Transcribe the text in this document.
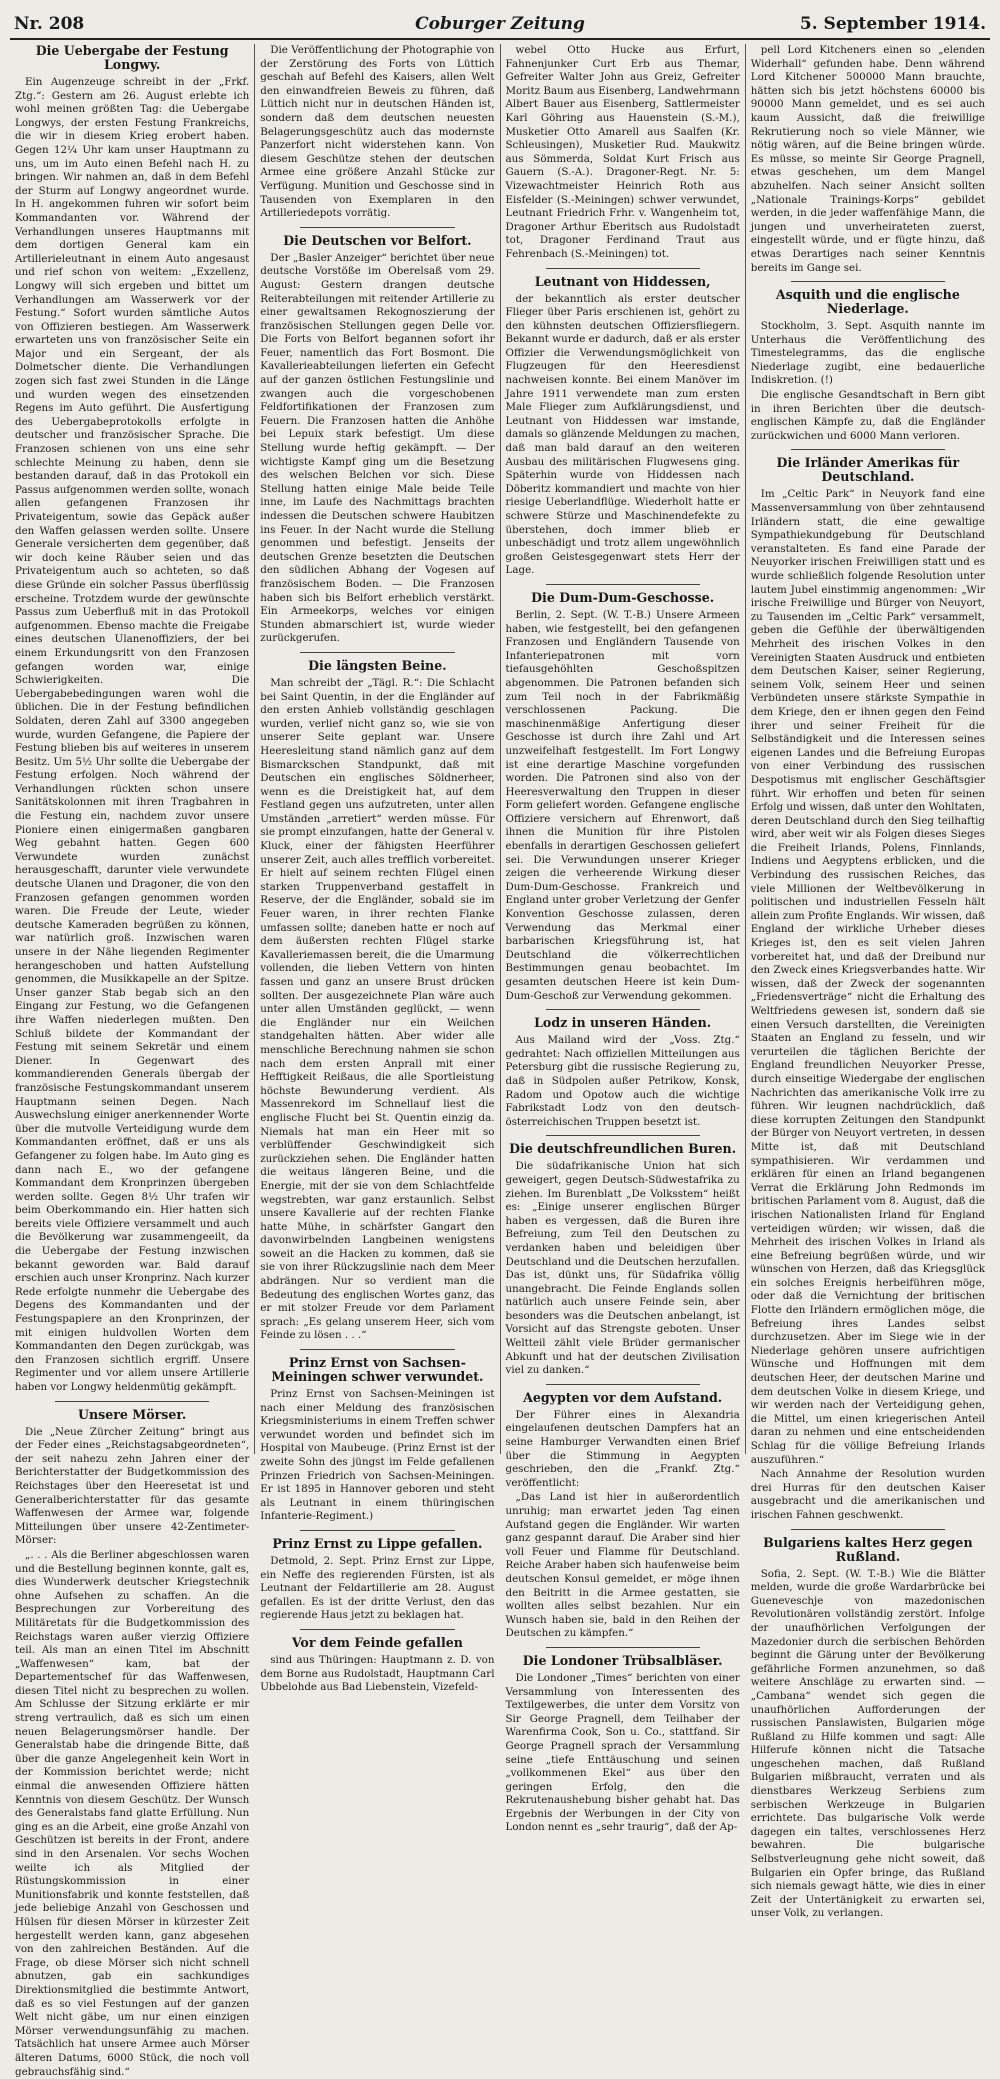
Nr. 208	Coburger Zeitung	5. September 1914.
Die Uebergabe der Festung Longwy.

Ein Augenzeuge schreibt in der „Frkf. Ztg.“: Gestern am 26. August erlebte ich wohl meinen größten Tag: die Uebergabe Longwys, der ersten Festung Frankreichs, die wir in diesem Krieg erobert haben. Gegen 12¼ Uhr kam unser Hauptmann zu uns, um im Auto einen Befehl nach H. zu bringen. Wir nahmen an, daß in dem Befehl der Sturm auf Longwy angeordnet wurde. In H. angekommen fuhren wir sofort beim Kommandanten vor. Während der Verhandlungen unseres Hauptmanns mit dem dortigen General kam ein Artillerieleutnant in einem Auto angesaust und rief schon von weitem: „Exzellenz, Longwy will sich ergeben und bittet um Verhandlungen am Wasserwerk vor der Festung.“ Sofort wurden sämtliche Autos von Offizieren bestiegen. Am Wasserwerk erwarteten uns von französischer Seite ein Major und ein Sergeant, der als Dolmetscher diente. Die Verhandlungen zogen sich fast zwei Stunden in die Länge und wurden wegen des einsetzenden Regens im Auto geführt. Die Ausfertigung des Uebergabeprotokolls erfolgte in deutscher und französischer Sprache. Die Franzosen schienen von uns eine sehr schlechte Meinung zu haben, denn sie bestanden darauf, daß in das Protokoll ein Passus aufgenommen werden sollte, wonach allen gefangenen Franzosen ihr Privateigentum, sowie das Gepäck außer den Waffen gelassen werden sollte. Unsere Generale versicherten dem gegenüber, daß wir doch keine Räuber seien und das Privateigentum auch so achteten, so daß diese Gründe ein solcher Passus überflüssig erscheine. Trotzdem wurde der gewünschte Passus zum Ueberfluß mit in das Protokoll aufgenommen. Ebenso machte die Freigabe eines deutschen Ulanenoffiziers, der bei einem Erkundungsritt von den Franzosen gefangen worden war, einige Schwierigkeiten. Die Uebergabebedingungen waren wohl die üblichen. Die in der Festung befindlichen Soldaten, deren Zahl auf 3300 angegeben wurde, wurden Gefangene, die Papiere der Festung blieben bis auf weiteres in unserem Besitz. Um 5½ Uhr sollte die Uebergabe der Festung erfolgen. Noch während der Verhandlungen rückten schon unsere Sanitätskolonnen mit ihren Tragbahren in die Festung ein, nachdem zuvor unsere Pioniere einen einigermaßen gangbaren Weg gebahnt hatten. Gegen 600 Verwundete wurden zunächst herausgeschafft, darunter viele verwundete deutsche Ulanen und Dragoner, die von den Franzosen gefangen genommen worden waren. Die Freude der Leute, wieder deutsche Kameraden begrüßen zu können, war natürlich groß. Inzwischen waren unsere in der Nähe liegenden Regimenter herangeschoben und hatten Aufstellung genommen, die Musikkapelle an der Spitze. Unser ganzer Stab begab sich an den Eingang zur Festung, wo die Gefangenen ihre Waffen niederlegen mußten. Den Schluß bildete der Kommandant der Festung mit seinem Sekretär und einem Diener. In Gegenwart des kommandierenden Generals übergab der französische Festungskommandant unserem Hauptmann seinen Degen. Nach Auswechslung einiger anerkennender Worte über die mutvolle Verteidigung wurde dem Kommandanten eröffnet, daß er uns als Gefangener zu folgen habe. Im Auto ging es dann nach E., wo der gefangene Kommandant dem Kronprinzen übergeben werden sollte. Gegen 8½ Uhr trafen wir beim Oberkommando ein. Hier hatten sich bereits viele Offiziere versammelt und auch die Bevölkerung war zusammengeeilt, da die Uebergabe der Festung inzwischen bekannt geworden war. Bald darauf erschien auch unser Kronprinz. Nach kurzer Rede erfolgte nunmehr die Uebergabe des Degens des Kommandanten und der Festungspapiere an den Kronprinzen, der mit einigen huldvollen Worten dem Kommandanten den Degen zurückgab, was den Franzosen sichtlich ergriff. Unsere Regimenter und vor allem unsere Artillerie haben vor Longwy heldenmütig gekämpft.

Unsere Mörser.

Die „Neue Zürcher Zeitung“ bringt aus der Feder eines „Reichstagsabgeordneten“, der seit nahezu zehn Jahren einer der Berichterstatter der Budgetkommission des Reichstages über den Heeresetat ist und Generalberichterstatter für das gesamte Waffenwesen der Armee war, folgende Mitteilungen über unsere 42-Zentimeter-Mörser:

„. . . Als die Berliner abgeschlossen waren und die Bestellung beginnen konnte, galt es, dies Wunderwerk deutscher Kriegstechnik ohne Aufsehen zu schaffen. An die Besprechungen zur Vorbereitung des Militäretats für die Budgetkommission des Reichstags waren außer vierzig Offiziere teil. Als man an einen Titel im Abschnitt „Waffenwesen“ kam, bat der Departementschef für das Waffenwesen, diesen Titel nicht zu besprechen zu wollen. Am Schlusse der Sitzung erklärte er mir streng vertraulich, daß es sich um einen neuen Belagerungsmörser handle. Der Generalstab habe die dringende Bitte, daß über die ganze Angelegenheit kein Wort in der Kommission berichtet werde; nicht einmal die anwesenden Offiziere hätten Kenntnis von diesem Geschütz. Der Wunsch des Generalstabs fand glatte Erfüllung. Nun ging es an die Arbeit, eine große Anzahl von Geschützen ist bereits in der Front, andere sind in den Arsenalen. Vor sechs Wochen weilte ich als Mitglied der Rüstungskommission in einer Munitionsfabrik und konnte feststellen, daß jede beliebige Anzahl von Geschossen und Hülsen für diesen Mörser in kürzester Zeit hergestellt werden kann, ganz abgesehen von den zahlreichen Beständen. Auf die Frage, ob diese Mörser sich nicht schnell abnutzen, gab ein sachkundiges Direktionsmitglied die bestimmte Antwort, daß es so viel Festungen auf der ganzen Welt nicht gäbe, um nur einen einzigen Mörser verwendungsunfähig zu machen. Tatsächlich hat unsere Armee auch Mörser älteren Datums, 6000 Stück, die noch voll gebrauchsfähig sind.“

Die Veröffentlichung der Photographie von der Zerstörung des Forts von Lüttich geschah auf Befehl des Kaisers, allen Welt den einwandfreien Beweis zu führen, daß Lüttich nicht nur in deutschen Händen ist, sondern daß dem deutschen neuesten Belagerungsgeschütz auch das modernste Panzerfort nicht widerstehen kann. Von diesem Geschütze stehen der deutschen Armee eine größere Anzahl Stücke zur Verfügung. Munition und Geschosse sind in Tausenden von Exemplaren in den Artilleriedepots vorrätig.

Die Deutschen vor Belfort.

Der „Basler Anzeiger“ berichtet über neue deutsche Vorstöße im Oberelsaß vom 29. August: Gestern drangen deutsche Reiterabteilungen mit reitender Artillerie zu einer gewaltsamen Rekognoszierung der französischen Stellungen gegen Delle vor. Die Forts von Belfort begannen sofort ihr Feuer, namentlich das Fort Bosmont. Die Kavallerieabteilungen lieferten ein Gefecht auf der ganzen östlichen Festungslinie und zwangen auch die vorgeschobenen Feldfortifikationen der Franzosen zum Feuern. Die Franzosen hatten die Anhöhe bei Lepuix stark befestigt. Um diese Stellung wurde heftig gekämpft. — Der wichtigste Kampf ging um die Besetzung des welschen Belchen vor sich. Diese Stellung hatten einige Male beide Teile inne, im Laufe des Nachmittags brachten indessen die Deutschen schwere Haubitzen ins Feuer. In der Nacht wurde die Stellung genommen und befestigt. Jenseits der deutschen Grenze besetzten die Deutschen den südlichen Abhang der Vogesen auf französischem Boden. — Die Franzosen haben sich bis Belfort erheblich verstärkt. Ein Armeekorps, welches vor einigen Stunden abmarschiert ist, wurde wieder zurückgerufen.

Die längsten Beine.

Man schreibt der „Tägl. R.“: Die Schlacht bei Saint Quentin, in der die Engländer auf den ersten Anhieb vollständig geschlagen wurden, verlief nicht ganz so, wie sie von unserer Seite geplant war. Unsere Heeresleitung stand nämlich ganz auf dem Bismarckschen Standpunkt, daß mit Deutschen ein englisches Söldnerheer, wenn es die Dreistigkeit hat, auf dem Festland gegen uns aufzutreten, unter allen Umständen „arretiert“ werden müsse. Für sie prompt einzufangen, hatte der General v. Kluck, einer der fähigsten Heerführer unserer Zeit, auch alles trefflich vorbereitet. Er hielt auf seinem rechten Flügel einen starken Truppenverband gestaffelt in Reserve, der die Engländer, sobald sie im Feuer waren, in ihrer rechten Flanke umfassen sollte; daneben hatte er noch auf dem äußersten rechten Flügel starke Kavalleriemassen bereit, die die Umarmung vollenden, die lieben Vettern von hinten fassen und ganz an unsere Brust drücken sollten. Der ausgezeichnete Plan wäre auch unter allen Umständen geglückt, — wenn die Engländer nur ein Weilchen standgehalten hätten. Aber wider alle menschliche Berechnung nahmen sie schon nach dem ersten Anprall mit einer Hefftigkeit Reißaus, die alle Sportleistung höchste Bewunderung verdient. Als Massenrekord im Schnellauf liest die englische Flucht bei St. Quentin einzig da. Niemals hat man ein Heer mit so verblüffender Geschwindigkeit sich zurückziehen sehen. Die Engländer hatten die weitaus längeren Beine, und die Energie, mit der sie von dem Schlachtfelde wegstrebten, war ganz erstaunlich. Selbst unsere Kavallerie auf der rechten Flanke hatte Mühe, in schärfster Gangart den davonwirbelnden Langbeinen wenigstens soweit an die Hacken zu kommen, daß sie sie von ihrer Rückzugslinie nach dem Meer abdrängen. Nur so verdient man die Bedeutung des englischen Wortes ganz, das er mit stolzer Freude vor dem Parlament sprach: „Es gelang unserem Heer, sich vom Feinde zu lösen . . .“

Prinz Ernst von Sachsen-Meiningen schwer verwundet.

Prinz Ernst von Sachsen-Meiningen ist nach einer Meldung des französischen Kriegsministeriums in einem Treffen schwer verwundet worden und befindet sich im Hospital von Maubeuge. (Prinz Ernst ist der zweite Sohn des jüngst im Felde gefallenen Prinzen Friedrich von Sachsen-Meiningen. Er ist 1895 in Hannover geboren und steht als Leutnant in einem thüringischen Infanterie-Regiment.)

Prinz Ernst zu Lippe gefallen.

Detmold, 2. Sept. Prinz Ernst zur Lippe, ein Neffe des regierenden Fürsten, ist als Leutnant der Feldartillerie am 28. August gefallen. Es ist der dritte Verlust, den das regierende Haus jetzt zu beklagen hat.

Vor dem Feinde gefallen

sind aus Thüringen: Hauptmann z. D. von dem Borne aus Rudolstadt, Hauptmann Carl Ubbelohde aus Bad Liebenstein, Vizefeld-

webel Otto Hucke aus Erfurt, Fahnenjunker Curt Erb aus Themar, Gefreiter Walter John aus Greiz, Gefreiter Moritz Baum aus Eisenberg, Landwehrmann Albert Bauer aus Eisenberg, Sattlermeister Karl Göhring aus Hauenstein (S.-M.), Musketier Otto Amarell aus Saalfen (Kr. Schleusingen), Musketier Rud. Maukwitz aus Sömmerda, Soldat Kurt Frisch aus Gauern (S.-A.). Dragoner-Regt. Nr. 5: Vizewachtmeister Heinrich Roth aus Eisfelder (S.-Meiningen) schwer verwundet, Leutnant Friedrich Frhr. v. Wangenheim tot, Dragoner Arthur Eberitsch aus Rudolstadt tot, Dragoner Ferdinand Traut aus Fehrenbach (S.-Meiningen) tot.

Leutnant von Hiddessen,

der bekanntlich als erster deutscher Flieger über Paris erschienen ist, gehört zu den kühnsten deutschen Offiziersfliegern. Bekannt wurde er dadurch, daß er als erster Offizier die Verwendungsmöglichkeit von Flugzeugen für den Heeresdienst nachweisen konnte. Bei einem Manöver im Jahre 1911 verwendete man zum ersten Male Flieger zum Aufklärungsdienst, und Leutnant von Hiddessen war imstande, damals so glänzende Meldungen zu machen, daß man bald darauf an den weiteren Ausbau des militärischen Flugwesens ging. Späterhin wurde von Hiddessen nach Döberitz kommandiert und machte von hier riesige Ueberlandflüge. Wiederholt hatte er schwere Stürze und Maschinendefekte zu überstehen, doch immer blieb er unbeschädigt und trotz allem ungewöhnlich großen Geistesgegenwart stets Herr der Lage.

Die Dum-Dum-Geschosse.

Berlin, 2. Sept. (W. T.-B.) Unsere Armeen haben, wie festgestellt, bei den gefangenen Franzosen und Engländern Tausende von Infanteriepatronen mit vorn tiefausgehöhlten Geschoßspitzen abgenommen. Die Patronen befanden sich zum Teil noch in der Fabrikmäßig verschlossenen Packung. Die maschinenmäßige Anfertigung dieser Geschosse ist durch ihre Zahl und Art unzweifelhaft festgestellt. Im Fort Longwy ist eine derartige Maschine vorgefunden worden. Die Patronen sind also von der Heeresverwaltung den Truppen in dieser Form geliefert worden. Gefangene englische Offiziere versichern auf Ehrenwort, daß ihnen die Munition für ihre Pistolen ebenfalls in derartigen Geschossen geliefert sei. Die Verwundungen unserer Krieger zeigen die verheerende Wirkung dieser Dum-Dum-Geschosse. Frankreich und England unter grober Verletzung der Genfer Konvention Geschosse zulassen, deren Verwendung das Merkmal einer barbarischen Kriegsführung ist, hat Deutschland die völkerrechtlichen Bestimmungen genau beobachtet. Im gesamten deutschen Heere ist kein Dum-Dum-Geschoß zur Verwendung gekommen.

Lodz in unseren Händen.

Aus Mailand wird der „Voss. Ztg.“ gedrahtet: Nach offiziellen Mitteilungen aus Petersburg gibt die russische Regierung zu, daß in Südpolen außer Petrikow, Konsk, Radom und Opotow auch die wichtige Fabrikstadt Lodz von den deutsch-österreichischen Truppen besetzt ist.

Die deutschfreundlichen Buren.

Die südafrikanische Union hat sich geweigert, gegen Deutsch-Südwestafrika zu ziehen. Im Burenblatt „De Volksstem“ heißt es: „Einige unserer englischen Bürger haben es vergessen, daß die Buren ihre Befreiung, zum Teil den Deutschen zu verdanken haben und beleidigen über Deutschland und die Deutschen herzufallen. Das ist, dünkt uns, für Südafrika völlig unangebracht. Die Feinde Englands sollen natürlich auch unsere Feinde sein, aber besonders was die Deutschen anbelangt, ist Vorsicht auf das Strengste geboten. Unser Weltteil zählt viele Brüder germanischer Abkunft und hat der deutschen Zivilisation viel zu danken.“

Aegypten vor dem Aufstand.

Der Führer eines in Alexandria eingelaufenen deutschen Dampfers hat an seine Hamburger Verwandten einen Brief über die Stimmung in Aegypten geschrieben, den die „Frankf. Ztg.“ veröffentlicht:

„Das Land ist hier in außerordentlich unruhig; man erwartet jeden Tag einen Aufstand gegen die Engländer. Wir warten ganz gespannt darauf. Die Araber sind hier voll Feuer und Flamme für Deutschland. Reiche Araber haben sich haufenweise beim deutschen Konsul gemeldet, er möge ihnen den Beitritt in die Armee gestatten, sie wollten alles selbst bezahlen. Nur ein Wunsch haben sie, bald in den Reihen der Deutschen zu kämpfen.“

Die Londoner Trübsalbläser.

Die Londoner „Times“ berichten von einer Versammlung von Interessenten des Textilgewerbes, die unter dem Vorsitz von Sir George Pragnell, dem Teilhaber der Warenfirma Cook, Son u. Co., stattfand. Sir George Pragnell sprach der Versammlung seine „tiefe Enttäuschung und seinen „vollkommenen Ekel“ aus über den geringen Erfolg, den die Rekrutenaushebung bisher gehabt hat. Das Ergebnis der Werbungen in der City von London nennt es „sehr traurig“, daß der Ap-

pell Lord Kitcheners einen so „elenden Widerhall“ gefunden habe. Denn während Lord Kitchener 500000 Mann brauchte, hätten sich bis jetzt höchstens 60000 bis 90000 Mann gemeldet, und es sei auch kaum Aussicht, daß die freiwillige Rekrutierung noch so viele Männer, wie nötig wären, auf die Beine bringen würde. Es müsse, so meinte Sir George Pragnell, etwas geschehen, um dem Mangel abzuhelfen. Nach seiner Ansicht sollten „Nationale Trainings-Korps“ gebildet werden, in die jeder waffenfähige Mann, die jungen und unverheirateten zuerst, eingestellt würde, und er fügte hinzu, daß etwas Derartiges nach seiner Kenntnis bereits im Gange sei.

Asquith und die englische Niederlage.

Stockholm, 3. Sept. Asquith nannte im Unterhaus die Veröffentlichung des Timestelegramms, das die englische Niederlage zugibt, eine bedauerliche Indiskretion. (!)

Die englische Gesandtschaft in Bern gibt in ihren Berichten über die deutsch-englischen Kämpfe zu, daß die Engländer zurückwichen und 6000 Mann verloren.

Die Irländer Amerikas für Deutschland.

Im „Celtic Park“ in Neuyork fand eine Massenversammlung von über zehntausend Irländern statt, die eine gewaltige Sympathiekundgebung für Deutschland veranstalteten. Es fand eine Parade der Neuyorker irischen Freiwilligen statt und es wurde schließlich folgende Resolution unter lautem Jubel einstimmig angenommen: „Wir irische Freiwillige und Bürger von Neuyort, zu Tausenden im „Celtic Park“ versammelt, geben die Gefühle der überwältigenden Mehrheit des irischen Volkes in den Vereinigten Staaten Ausdruck und entbieten dem Deutschen Kaiser, seiner Regierung, seinem Volk, seinem Heer und seinen Verbündeten unsere stärkste Sympathie in dem Kriege, den er ihnen gegen den Feind ihrer und seiner Freiheit für die Selbständigkeit und die Interessen seines eigenen Landes und die Befreiung Europas von einer Verbindung des russischen Despotismus mit englischer Geschäftsgier führt. Wir erhoffen und beten für seinen Erfolg und wissen, daß unter den Wohltaten, deren Deutschland durch den Sieg teilhaftig wird, aber weit wir als Folgen dieses Sieges die Freiheit Irlands, Polens, Finnlands, Indiens und Aegyptens erblicken, und die Verbindung des russischen Reiches, das viele Millionen der Weltbevölkerung in politischen und industriellen Fesseln hält allein zum Profite Englands. Wir wissen, daß England der wirkliche Urheber dieses Krieges ist, den es seit vielen Jahren vorbereitet hat, und daß der Dreibund nur den Zweck eines Kriegsverbandes hatte. Wir wissen, daß der Zweck der sogenannten „Friedensverträge“ nicht die Erhaltung des Weltfriedens gewesen ist, sondern daß sie einen Versuch darstellten, die Vereinigten Staaten an England zu fesseln, und wir verurteilen die täglichen Berichte der England freundlichen Neuyorker Presse, durch einseitige Wiedergabe der englischen Nachrichten das amerikanische Volk irre zu führen. Wir leugnen nachdrücklich, daß diese korrupten Zeitungen den Standpunkt der Bürger von Neuyort vertreten, in dessen Mitte ist, daß mit Deutschland sympathisieren. Wir verdammen und erklären für einen an Irland begangenen Verrat die Erklärung John Redmonds im britischen Parlament vom 8. August, daß die irischen Nationalisten Irland für England verteidigen würden; wir wissen, daß die Mehrheit des irischen Volkes in Irland als eine Befreiung begrüßen würde, und wir wünschen von Herzen, daß das Kriegsglück ein solches Ereignis herbeiführen möge, oder daß die Vernichtung der britischen Flotte den Irländern ermöglichen möge, die Befreiung ihres Landes selbst durchzusetzen. Aber im Siege wie in der Niederlage gehören unsere aufrichtigen Wünsche und Hoffnungen mit dem deutschen Heer, der deutschen Marine und dem deutschen Volke in diesem Kriege, und wir werden nach der Verteidigung gehen, die Mittel, um einen kriegerischen Anteil daran zu nehmen und eine entscheidenden Schlag für die völlige Befreiung Irlands auszuführen.“

Nach Annahme der Resolution wurden drei Hurras für den deutschen Kaiser ausgebracht und die amerikanischen und irischen Fahnen geschwenkt.

Bulgariens kaltes Herz gegen Rußland.

Sofia, 2. Sept. (W. T.-B.) Wie die Blätter melden, wurde die große Wardarbrücke bei Gueneveschje von mazedonischen Revolutionären vollständig zerstört. Infolge der unaufhörlichen Verfolgungen der Mazedonier durch die serbischen Behörden beginnt die Gärung unter der Bevölkerung gefährliche Formen anzunehmen, so daß weitere Anschläge zu erwarten sind. — „Cambana“ wendet sich gegen die unaufhörlichen Aufforderungen der russischen Panslawisten, Bulgarien möge Rußland zu Hilfe kommen und sagt: Alle Hilferufe können nicht die Tatsache ungeschehen machen, daß Rußland Bulgarien mißbraucht, verraten und als dienstbares Werkzeug Serbiens zum serbischen Werkzeuge in Bulgarien errichtete. Das bulgarische Volk werde dagegen ein taltes, verschlossenes Herz bewahren. Die bulgarische Selbstverleugnung gehe nicht soweit, daß Bulgarien ein Opfer bringe, das Rußland sich niemals gewagt hätte, wie dies in einer Zeit der Untertänigkeit zu erwarten sei, unser Volk, zu verlangen.
